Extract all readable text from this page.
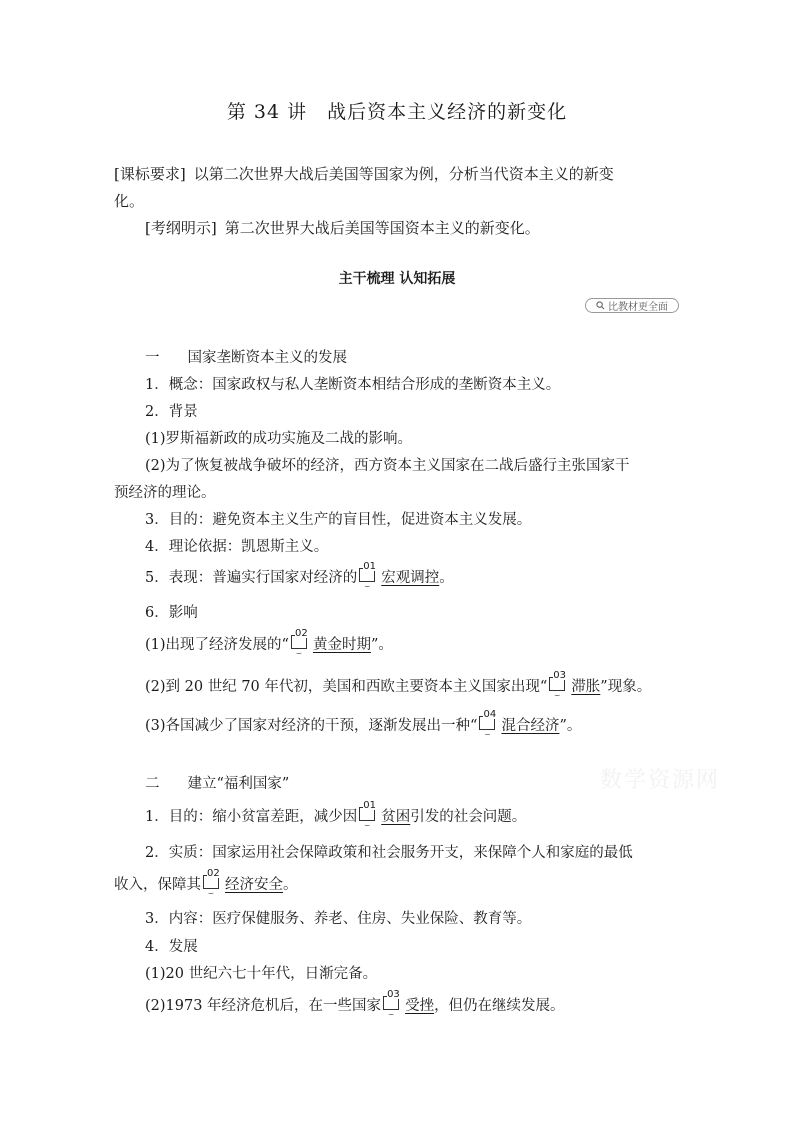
第 34 讲　战后资本主义经济的新变化
[课标要求] 以第二次世界大战后美国等国家为例，分析当代资本主义的新变
化。
[考纲明示] 第二次世界大战后美国等国资本主义的新变化。
主干梳理 认知拓展
比教材更全面
一 国家垄断资本主义的发展
1．概念：国家政权与私人垄断资本相结合形成的垄断资本主义。
2．背景
(1)罗斯福新政的成功实施及二战的影响。
(2)为了恢复被战争破坏的经济，西方资本主义国家在二战后盛行主张国家干
预经济的理论。
3．目的：避免资本主义生产的盲目性，促进资本主义发展。
4．理论依据：凯恩斯主义。
5．表现：普遍实行国家对经济的
01
⌣
宏观调控。
6．影响
(1)出现了经济发展的“
02
⌣
黄金时期”。
(2)到 20 世纪 70 年代初，美国和西欧主要资本主义国家出现“
03
⌣
滞胀”现象。
(3)各国减少了国家对经济的干预，逐渐发展出一种“
04
⌣
混合经济”。
数学资源网
二 建立“福利国家”
1．目的：缩小贫富差距，减少因
01
⌣
贫困引发的社会问题。
2．实质：国家运用社会保障政策和社会服务开支，来保障个人和家庭的最低
收入，保障其
02
⌣
经济安全。
3．内容：医疗保健服务、养老、住房、失业保险、教育等。
4．发展
(1)20 世纪六七十年代，日渐完备。
(2)1973 年经济危机后，在一些国家
03
⌣
受挫，但仍在继续发展。
